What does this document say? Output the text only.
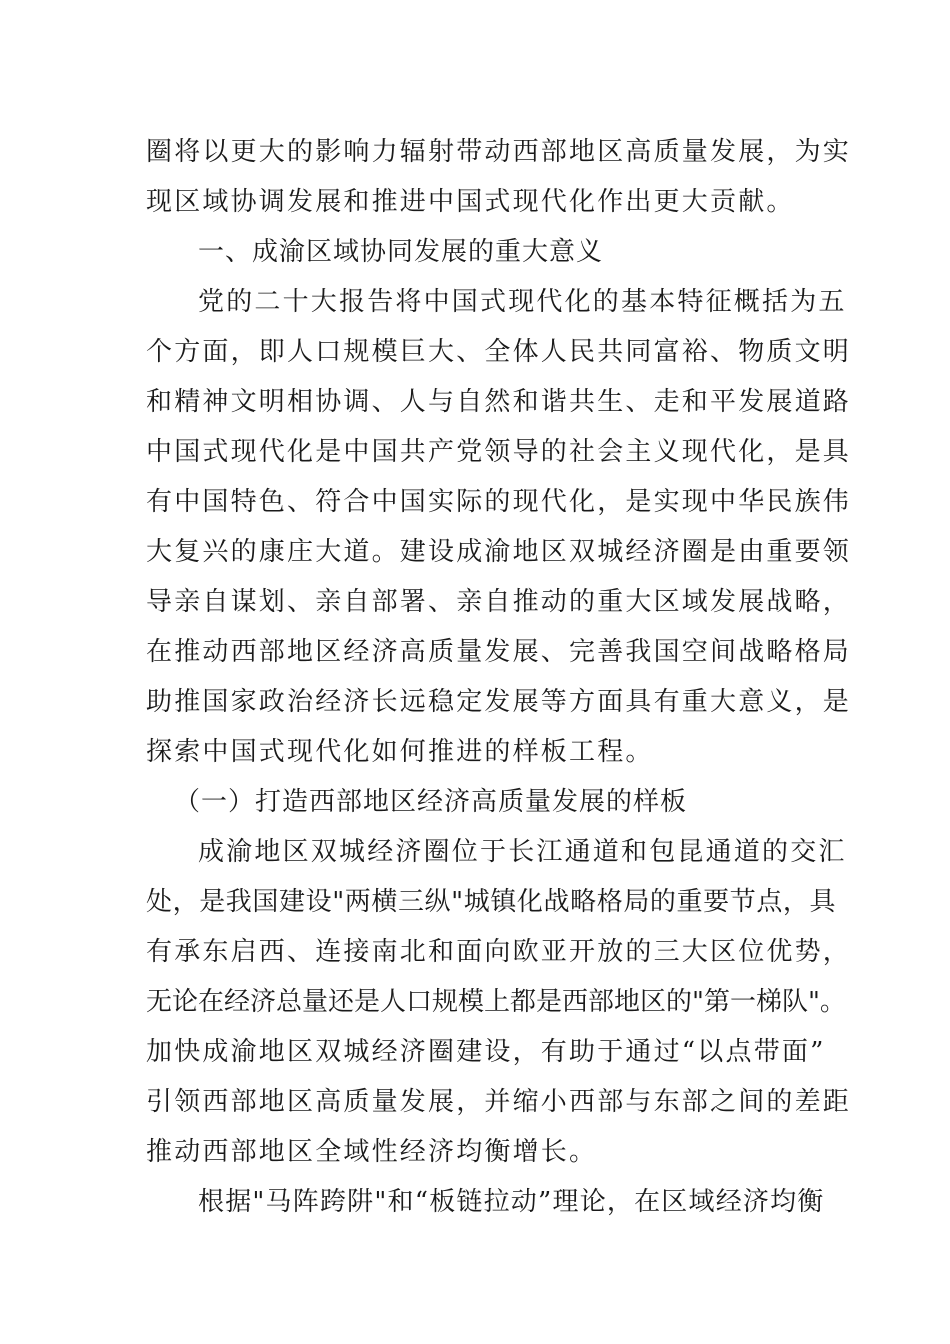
圈将以更大的影响力辐射带动西部地区高质量发展，为实
现区域协调发展和推进中国式现代化作出更大贡献。
一、成渝区域协同发展的重大意义
党的二十大报告将中国式现代化的基本特征概括为五
个方面，即人口规模巨大、全体人民共同富裕、物质文明
和精神文明相协调、人与自然和谐共生、走和平发展道路
中国式现代化是中国共产党领导的社会主义现代化，是具
有中国特色、符合中国实际的现代化，是实现中华民族伟
大复兴的康庄大道。建设成渝地区双城经济圈是由重要领
导亲自谋划、亲自部署、亲自推动的重大区域发展战略，
在推动西部地区经济高质量发展、完善我国空间战略格局
助推国家政治经济长远稳定发展等方面具有重大意义，是
探索中国式现代化如何推进的样板工程。
（一）打造西部地区经济高质量发展的样板
成渝地区双城经济圈位于长江通道和包昆通道的交汇
处，是我国建设"两横三纵"城镇化战略格局的重要节点，具
有承东启西、连接南北和面向欧亚开放的三大区位优势，
无论在经济总量还是人口规模上都是西部地区的"第一梯队"。
加快成渝地区双城经济圈建设，有助于通过“以点带面”
引领西部地区高质量发展，并缩小西部与东部之间的差距
推动西部地区全域性经济均衡增长。
根据"马阵跨阱"和“板链拉动”理论，在区域经济均衡
